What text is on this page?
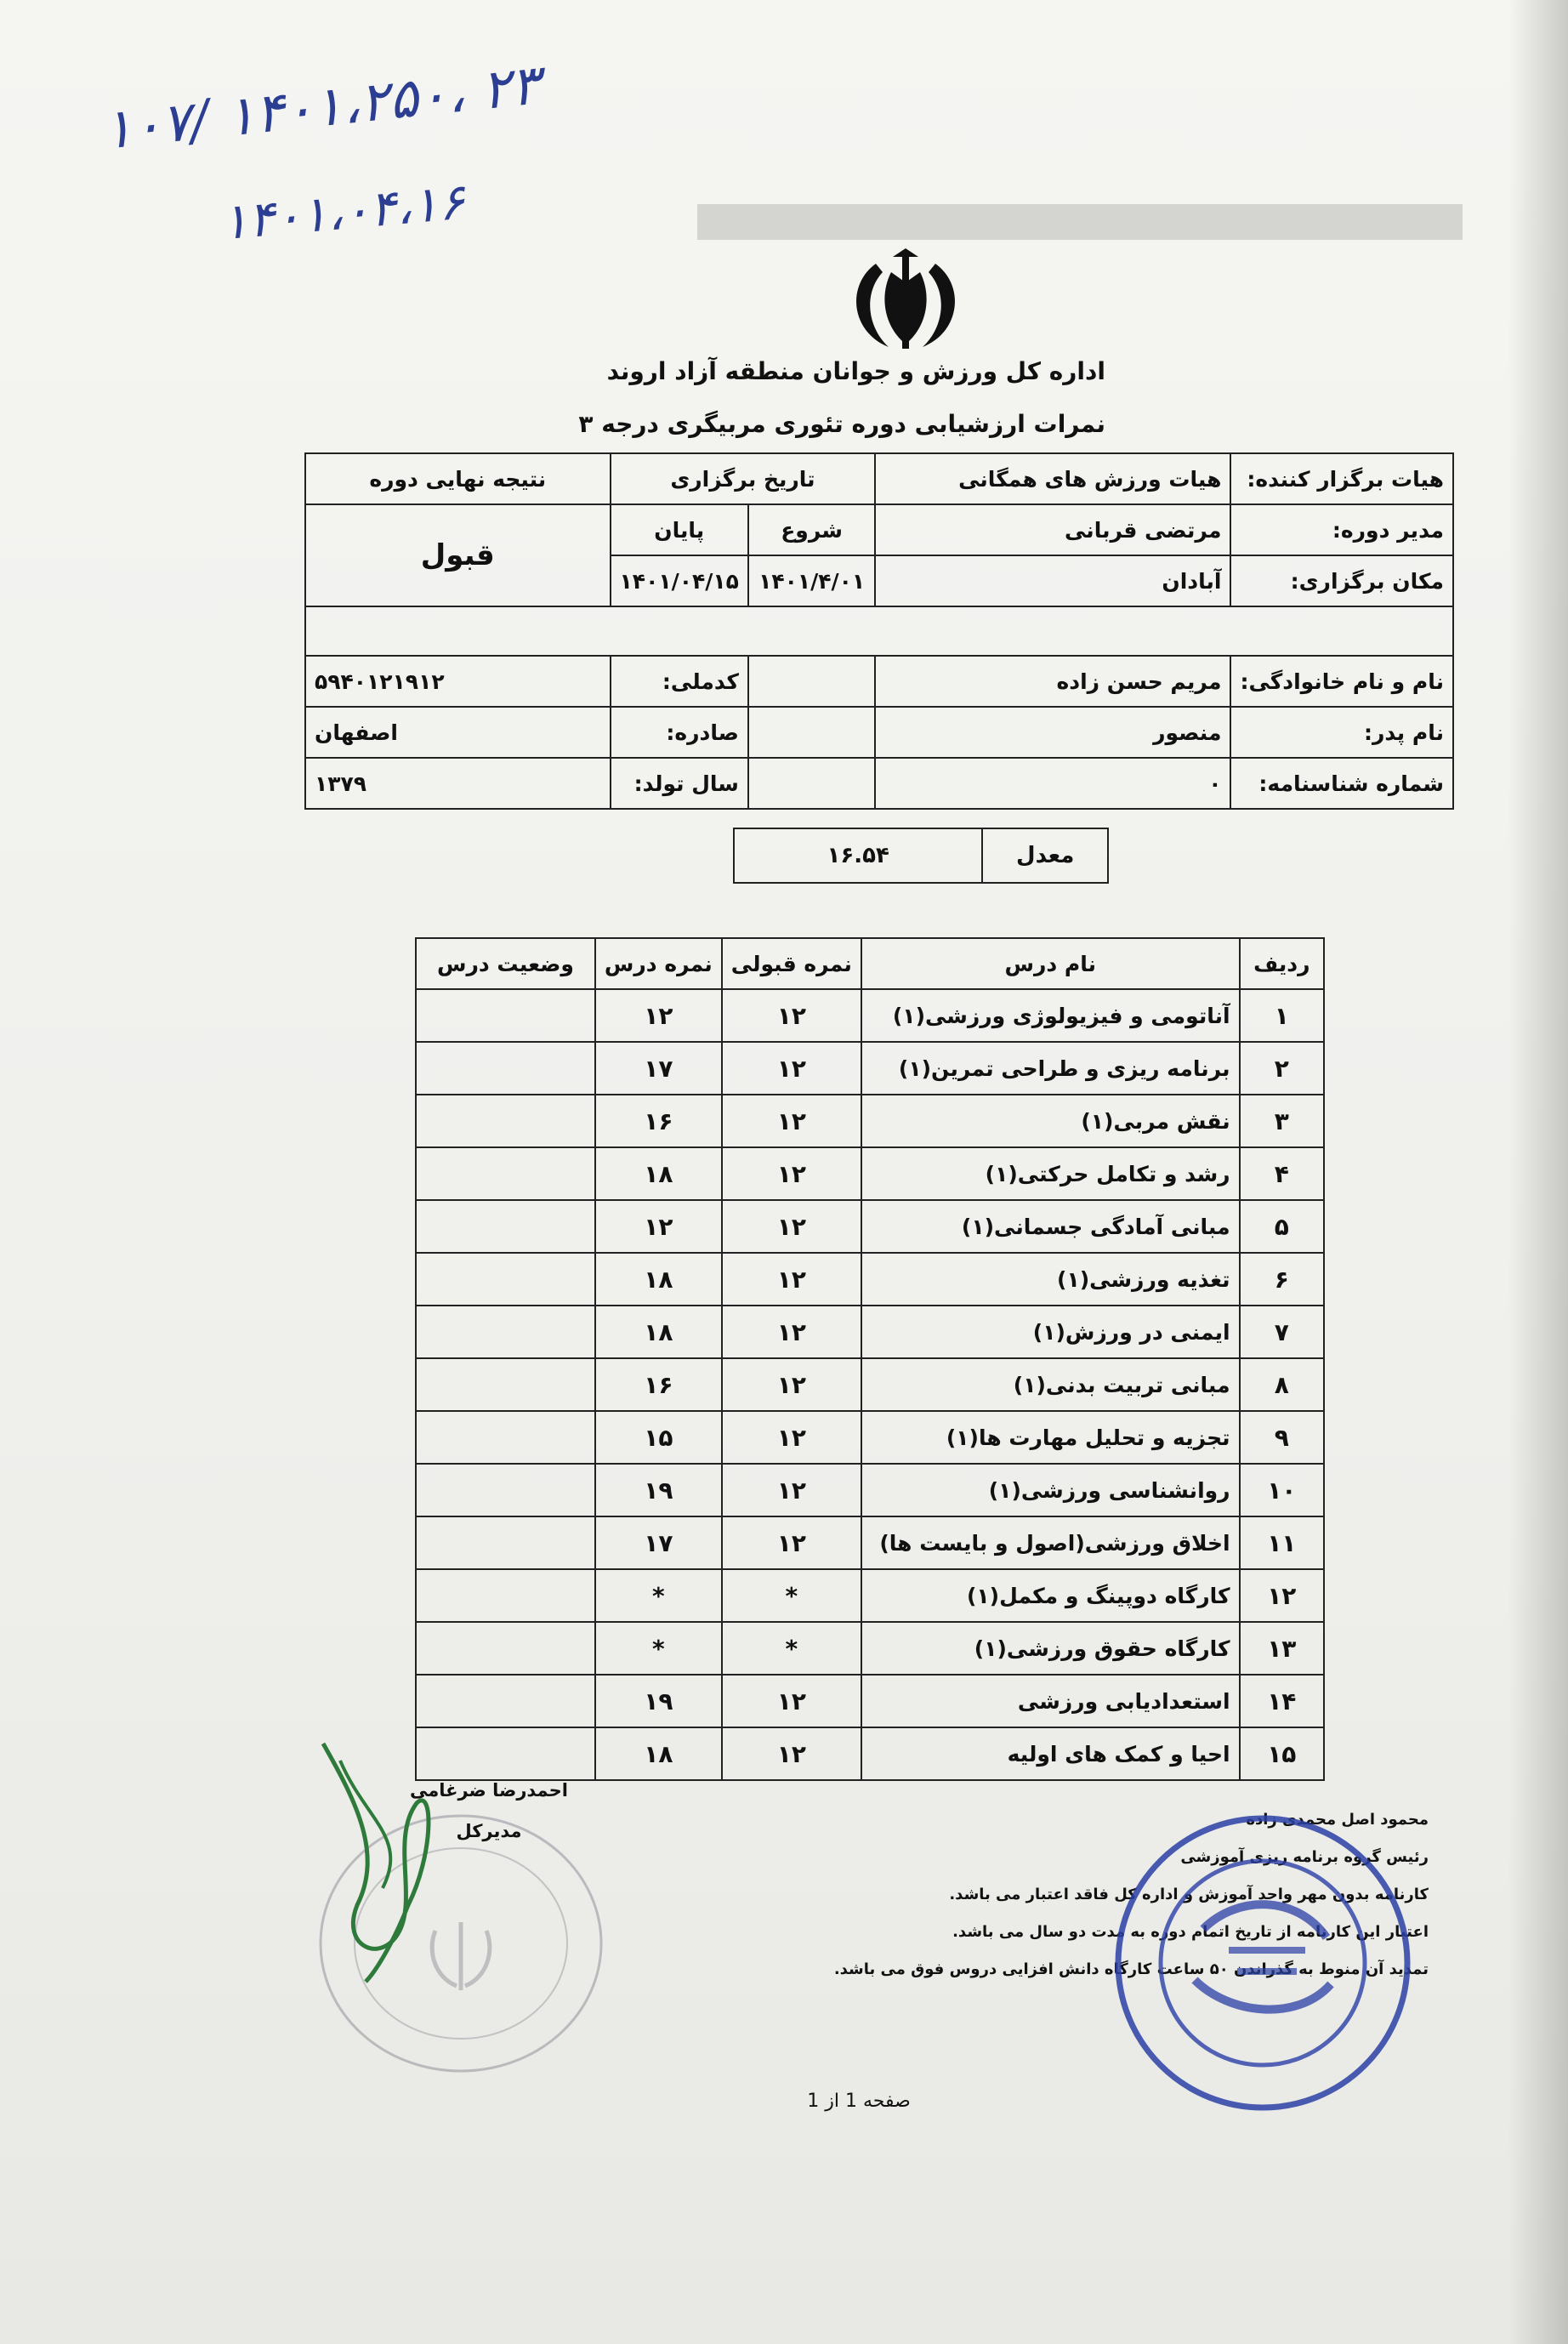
۲۳ ،۱۴۰۱،۲۵۰ /۱۰۷
۱۴۰۱،۰۴،۱۶
اداره کل ورزش و جوانان منطقه آزاد اروند
نمرات ارزشیابی دوره تئوری مربیگری درجه ۳
هیات برگزار کننده:	هیات ورزش های همگانی	تاریخ برگزاری		نتیجه نهایی دوره
مدیر دوره:	مرتضی قربانی	شروع	پایان	قبول
مکان برگزاری:	آبادان	۱۴۰۱/۴/۰۱	۱۴۰۱/۰۴/۱۵	

نام و نام خانوادگی:	مریم حسن زاده		کدملی:	۵۹۴۰۱۲۱۹۱۲
نام پدر:	منصور		صادره:	اصفهان
شماره شناسنامه:	۰		سال تولد:	۱۳۷۹
معدل	۱۶.۵۴
ردیف	نام درس	نمره قبولی	نمره درس	وضعیت درس
۱	آناتومی و فیزیولوژی ورزشی(۱)	۱۲	۱۲	
۲	برنامه ریزی و طراحی تمرین(۱)	۱۲	۱۷	
۳	نقش مربی(۱)	۱۲	۱۶	
۴	رشد و تکامل حرکتی(۱)	۱۲	۱۸	
۵	مبانی آمادگی جسمانی(۱)	۱۲	۱۲	
۶	تغذیه ورزشی(۱)	۱۲	۱۸	
۷	ایمنی در ورزش(۱)	۱۲	۱۸	
۸	مبانی تربیت بدنی(۱)	۱۲	۱۶	
۹	تجزیه و تحلیل مهارت ها(۱)	۱۲	۱۵	
۱۰	روانشناسی ورزشی(۱)	۱۲	۱۹	
۱۱	اخلاق ورزشی(اصول و بایست ها)	۱۲	۱۷	
۱۲	کارگاه دوپینگ و مکمل(۱)	*	*	
۱۳	کارگاه حقوق ورزشی(۱)	*	*	
۱۴	استعدادیابی ورزشی	۱۲	۱۹	
۱۵	احیا و کمک های اولیه	۱۲	۱۸	
احمدرضا ضرغامی
مدیرکل
محمود اصل محمدی زاده
رئیس گروه برنامه ریزی آموزشی
کارنامه بدون مهر واحد آموزش و اداره کل فاقد اعتبار می باشد.
اعتبار این کارنامه از تاریخ اتمام دوره به مدت دو سال می باشد.
تمدید آن منوط به گذراندن ۵۰ ساعت کارگاه دانش افزایی دروس فوق می باشد.
صفحه 1 از 1
